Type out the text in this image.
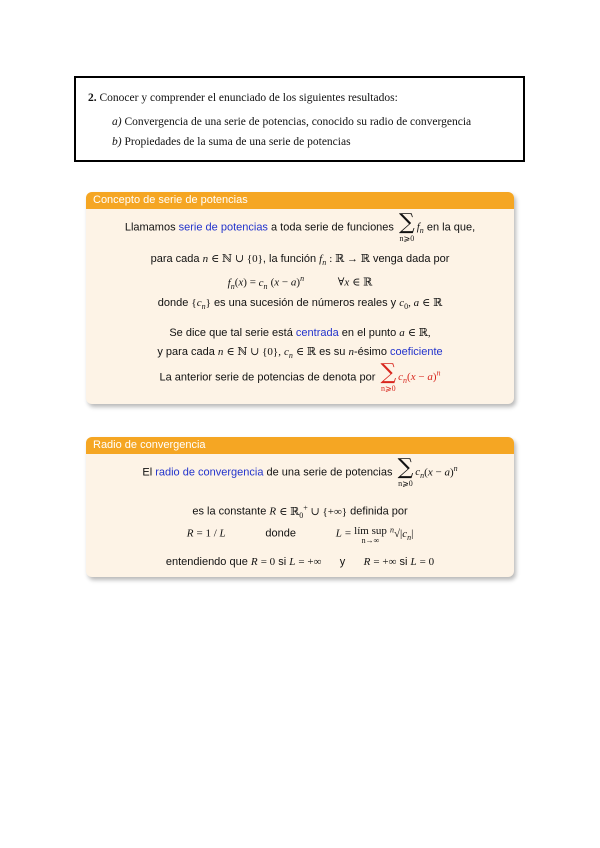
2. Conocer y comprender el enunciado de los siguientes resultados:
a) Convergencia de una serie de potencias, conocido su radio de convergencia
b) Propiedades de la suma de una serie de potencias
Concepto de serie de potencias
Llamamos serie de potencias a toda serie de funciones ∑
n⩾0
$f_n$ en la que,
para cada n ∈ ℕ ∪ {0}, la función $f_n$ : ℝ → ℝ venga dada por
$f_n(x) = c_n$ $(x - a)^n$	∀x ∈ ℝ
donde $\{c_n\}$ es una sucesión de números reales y $c_0$, a ∈ ℝ
Se dice que tal serie está centrada en el punto a ∈ ℝ,
y para cada n ∈ ℕ ∪ {0}, $c_n$ ∈ ℝ es su n-ésimo coeficiente
La anterior serie de potencias de denota por ∑
n⩾0
$c_n(x - a)^n$
Radio de convergencia
El radio de convergencia de una serie de potencias ∑
n⩾0
$c_n(x - a)^n$
es la constante R ∈ ℝ$_0$+ ∪ {+∞} definida por
R = 1 / L	donde	L = lím sup
n→∞
$^n√|c_n|$
entendiendo que R = 0 si L = +∞ y R = +∞ si L = 0
